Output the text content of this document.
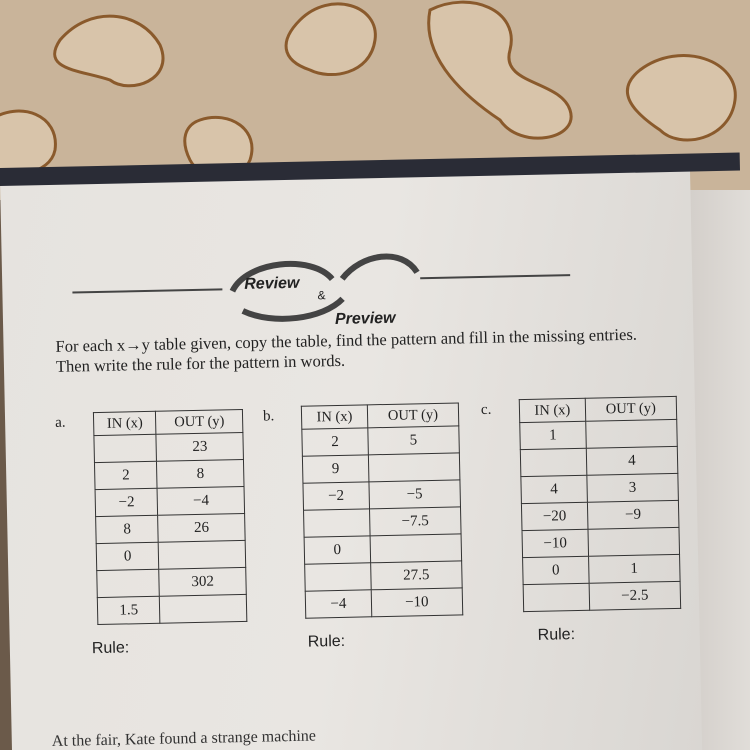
Review
&
Preview
For each x→y table given, copy the table, find the pattern and fill in the missing entries. Then write the rule for the pattern in words.
a.	IN (x)	OUT (y)
	23
2	8
−2	−4
8	26
0	
	302
1.5	
Rule:
b.	IN (x)	OUT (y)
2	5
9	
−2	−5
	−7.5
0	
	27.5
−4	−10
Rule:
c.	IN (x)	OUT (y)
1	
	4
4	3
−20	−9
−10	
0	1
	−2.5
Rule:
At the fair, Kate found a strange machine
